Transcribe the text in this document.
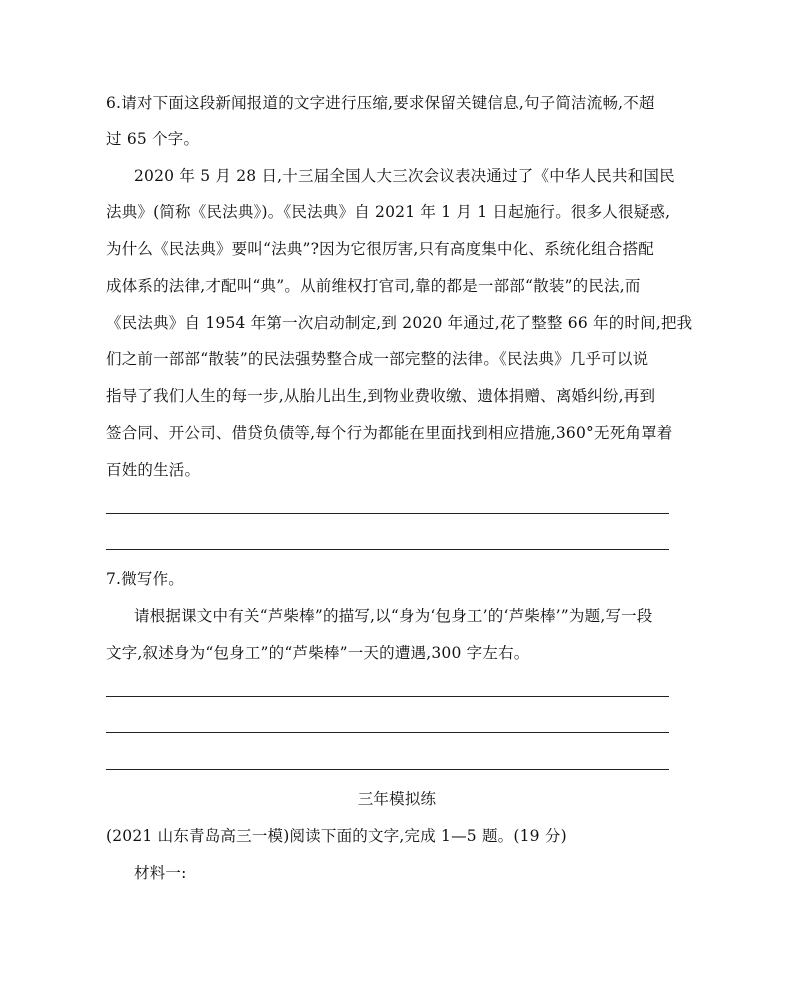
6.请对下面这段新闻报道的文字进行压缩,要求保留关键信息,句子简洁流畅,不超
过 65 个字。
2020 年 5 月 28 日,十三届全国人大三次会议表决通过了《中华人民共和国民
法典》(简称《民法典》)。《民法典》自 2021 年 1 月 1 日起施行。很多人很疑惑,
为什么《民法典》要叫“法典”?因为它很厉害,只有高度集中化、系统化组合搭配
成体系的法律,才配叫“典”。从前维权打官司,靠的都是一部部“散装”的民法,而
《民法典》自 1954 年第一次启动制定,到 2020 年通过,花了整整 66 年的时间,把我
们之前一部部“散装”的民法强势整合成一部完整的法律。《民法典》几乎可以说
指导了我们人生的每一步,从胎儿出生,到物业费收缴、遗体捐赠、离婚纠纷,再到
签合同、开公司、借贷负债等,每个行为都能在里面找到相应措施,360°无死角罩着
百姓的生活。
7.微写作。
请根据课文中有关“芦柴棒”的描写,以“身为‘包身工’的‘芦柴棒’”为题,写一段
文字,叙述身为“包身工”的“芦柴棒”一天的遭遇,300 字左右。
三年模拟练
(2021 山东青岛高三一模)阅读下面的文字,完成 1—5 题。(19 分)
材料一:
